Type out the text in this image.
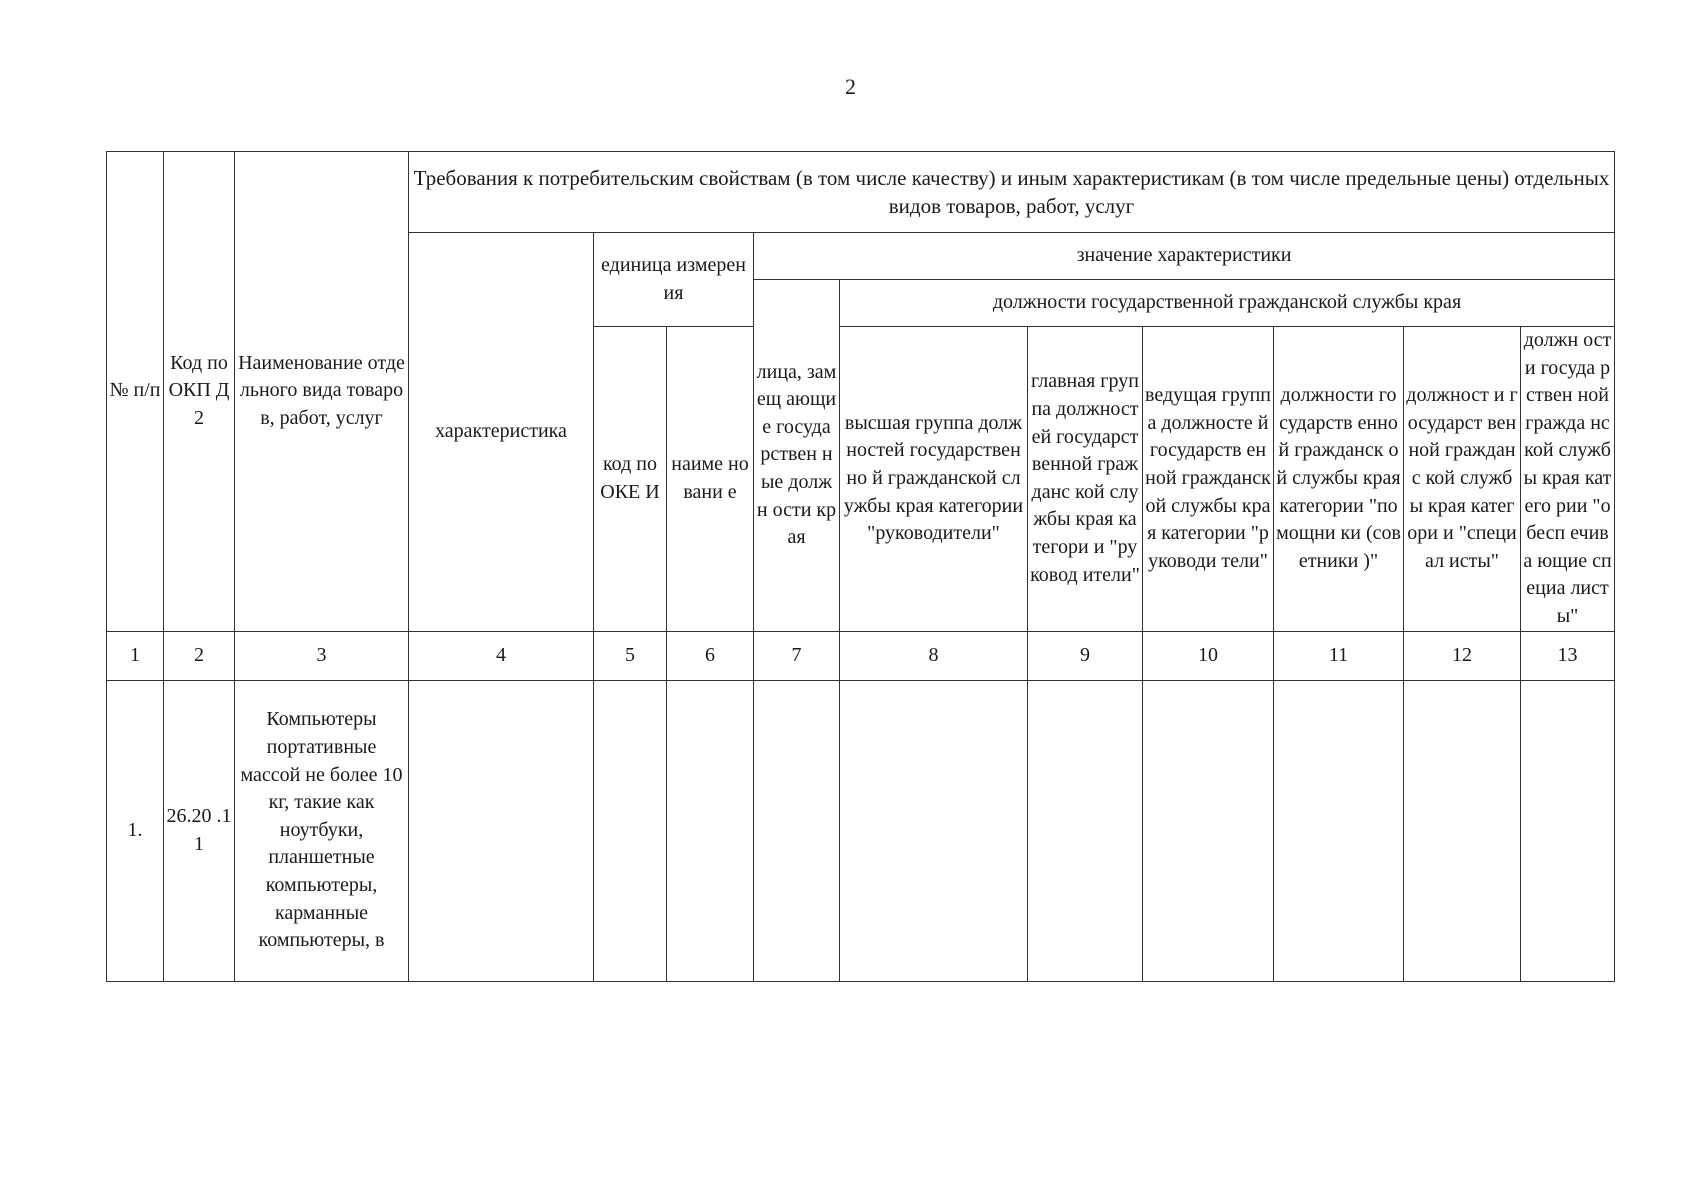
2
№ п/п	Код по ОКП Д2	Наименование отдельного вида товаров, работ, услуг	Требования к потребительским свойствам (в том числе качеству) и иным характеристикам (в том числе предельные цены) отдельных видов товаров, работ, услуг									
			характеристика	единица измерения		значение характеристики						
						лица, замещ ающие госуда рствен ные должн ости края	должности государственной гражданской службы края					
				код по ОКЕ И	наиме новани е		высшая группа должностей государственно й гражданской службы края категории "руководители"	главная группа должност ей государст венной гражданс кой службы края категори и "руковод ители"	ведущая группа должносте й государств енной гражданск ой службы края категории "руководи тели"	должности государств енной гражданск ой службы края категории "помощни ки (советники )"	должност и государст венной гражданс кой службы края категори и "специал исты"	должн ости госуда рствен ной гражда нской служб ы края катего рии "обесп ечива ющие специа листы"

1	2	3	4	5	6	7	8	9	10	11	12	13
1.	26.20 .11	Компьютеры портативные массой не более 10 кг, такие как ноутбуки, планшетные компьютеры, карманные компьютеры, в										
